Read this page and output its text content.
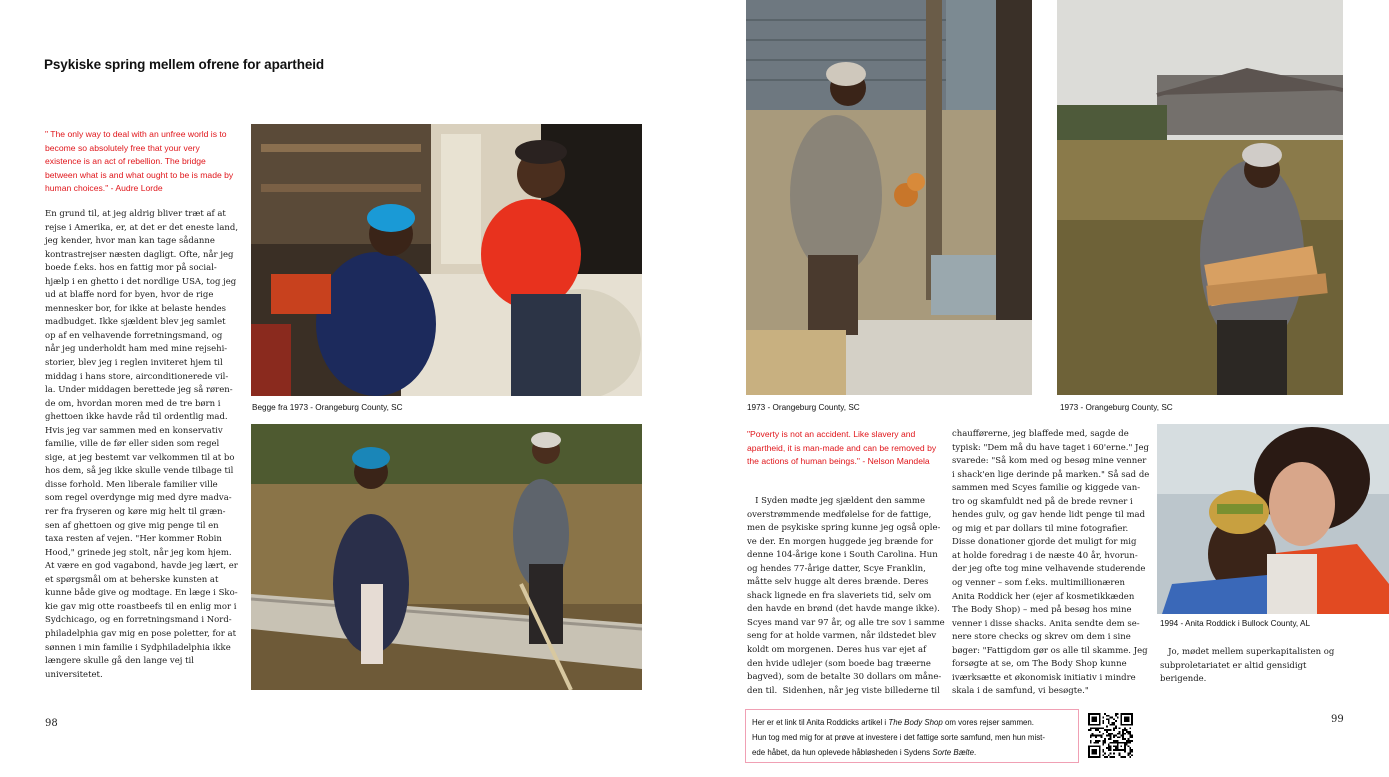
Psykiske spring mellem ofrene for apartheid
" The only way to deal with an unfree world is to become so absolutely free that your very existence is an act of rebellion. The bridge between what is and what ought to be is made by human choices." - Audre Lorde
En grund til, at jeg aldrig bliver træt af at
rejse i Amerika, er, at det er det eneste land,
jeg kender, hvor man kan tage sådanne
kontrastrejser næsten dagligt. Ofte, når jeg
boede f.eks. hos en fattig mor på social-
hjælp i en ghetto i det nordlige USA, tog jeg
ud at blaffe nord for byen, hvor de rige
mennesker bor, for ikke at belaste hendes
madbudget. Ikke sjældent blev jeg samlet
op af en velhavende forretningsmand, og
når jeg underholdt ham med mine rejsehi-
storier, blev jeg i reglen inviteret hjem til
middag i hans store, airconditionerede vil-
la. Under middagen berettede jeg så røren-
de om, hvordan moren med de tre børn i
ghettoen ikke havde råd til ordentlig mad.
Hvis jeg var sammen med en konservativ
familie, ville de før eller siden som regel
sige, at jeg bestemt var velkommen til at bo
hos dem, så jeg ikke skulle vende tilbage til
disse forhold. Men liberale familier ville
som regel overdynge mig med dyre madva-
rer fra fryseren og køre mig helt til græn-
sen af ghettoen og give mig penge til en
taxa resten af vejen. "Her kommer Robin
Hood," grinede jeg stolt, når jeg kom hjem.
At være en god vagabond, havde jeg lært, er
et spørgsmål om at beherske kunsten at
kunne både give og modtage. En læge i Sko-
kie gav mig otte roastbeefs til en enlig mor i
Sydchicago, og en forretningsmand i Nord-
philadelphia gav mig en pose poletter, for at
sønnen i min familie i Sydphiladelphia ikke
længere skulle gå den lange vej til
universitetet.
Begge fra 1973 - Orangeburg County, SC
98
1973 - Orangeburg County, SC	1973 - Orangeburg County, SC
"Poverty is not an accident. Like slavery and apartheid, it is man-made and can be removed by the actions of human beings." - Nelson Mandela
I Syden mødte jeg sjældent den samme
overstrømmende medfølelse for de fattige,
men de psykiske spring kunne jeg også ople-
ve der. En morgen huggede jeg brænde for
denne 104-årige kone i South Carolina. Hun
og hendes 77-årige datter, Scye Franklin,
måtte selv hugge alt deres brænde. Deres
shack lignede en fra slaveriets tid, selv om
den havde en brønd (det havde mange ikke).
Scyes mand var 97 år, og alle tre sov i samme
seng for at holde varmen, når ildstedet blev
koldt om morgenen. Deres hus var ejet af
den hvide udlejer (som boede bag træerne
bagved), som de betalte 30 dollars om måne-
den til.  Sidenhen, når jeg viste billederne til
chaufførerne, jeg blaffede med, sagde de
typisk: "Dem må du have taget i 60'erne." Jeg
svarede: "Så kom med og besøg mine venner
i shack'en lige derinde på marken." Så sad de
sammen med Scyes familie og kiggede van-
tro og skamfuldt ned på de brede revner i
hendes gulv, og gav hende lidt penge til mad
og mig et par dollars til mine fotografier.
Disse donationer gjorde det muligt for mig
at holde foredrag i de næste 40 år, hvorun-
der jeg ofte tog mine velhavende studerende
og venner – som f.eks. multimillionæren
Anita Roddick her (ejer af kosmetikkæden
The Body Shop) – med på besøg hos mine
venner i disse shacks. Anita sendte dem se-
nere store checks og skrev om dem i sine
bøger: "Fattigdom gør os alle til skamme. Jeg
forsøgte at se, om The Body Shop kunne
iværksætte et økonomisk initiativ i mindre
skala i de samfund, vi besøgte."
1994 - Anita Roddick i Bullock County, AL
Jo, mødet mellem superkapitalisten og
subproletariatet er altid gensidigt
berigende.
99
Her er et link til Anita Roddicks artikel i The Body Shop om vores rejser sammen.
Hun tog med mig for at prøve at investere i det fattige sorte samfund, men hun mist-
ede håbet, da hun oplevede håbløsheden i Sydens Sorte Bælte.
